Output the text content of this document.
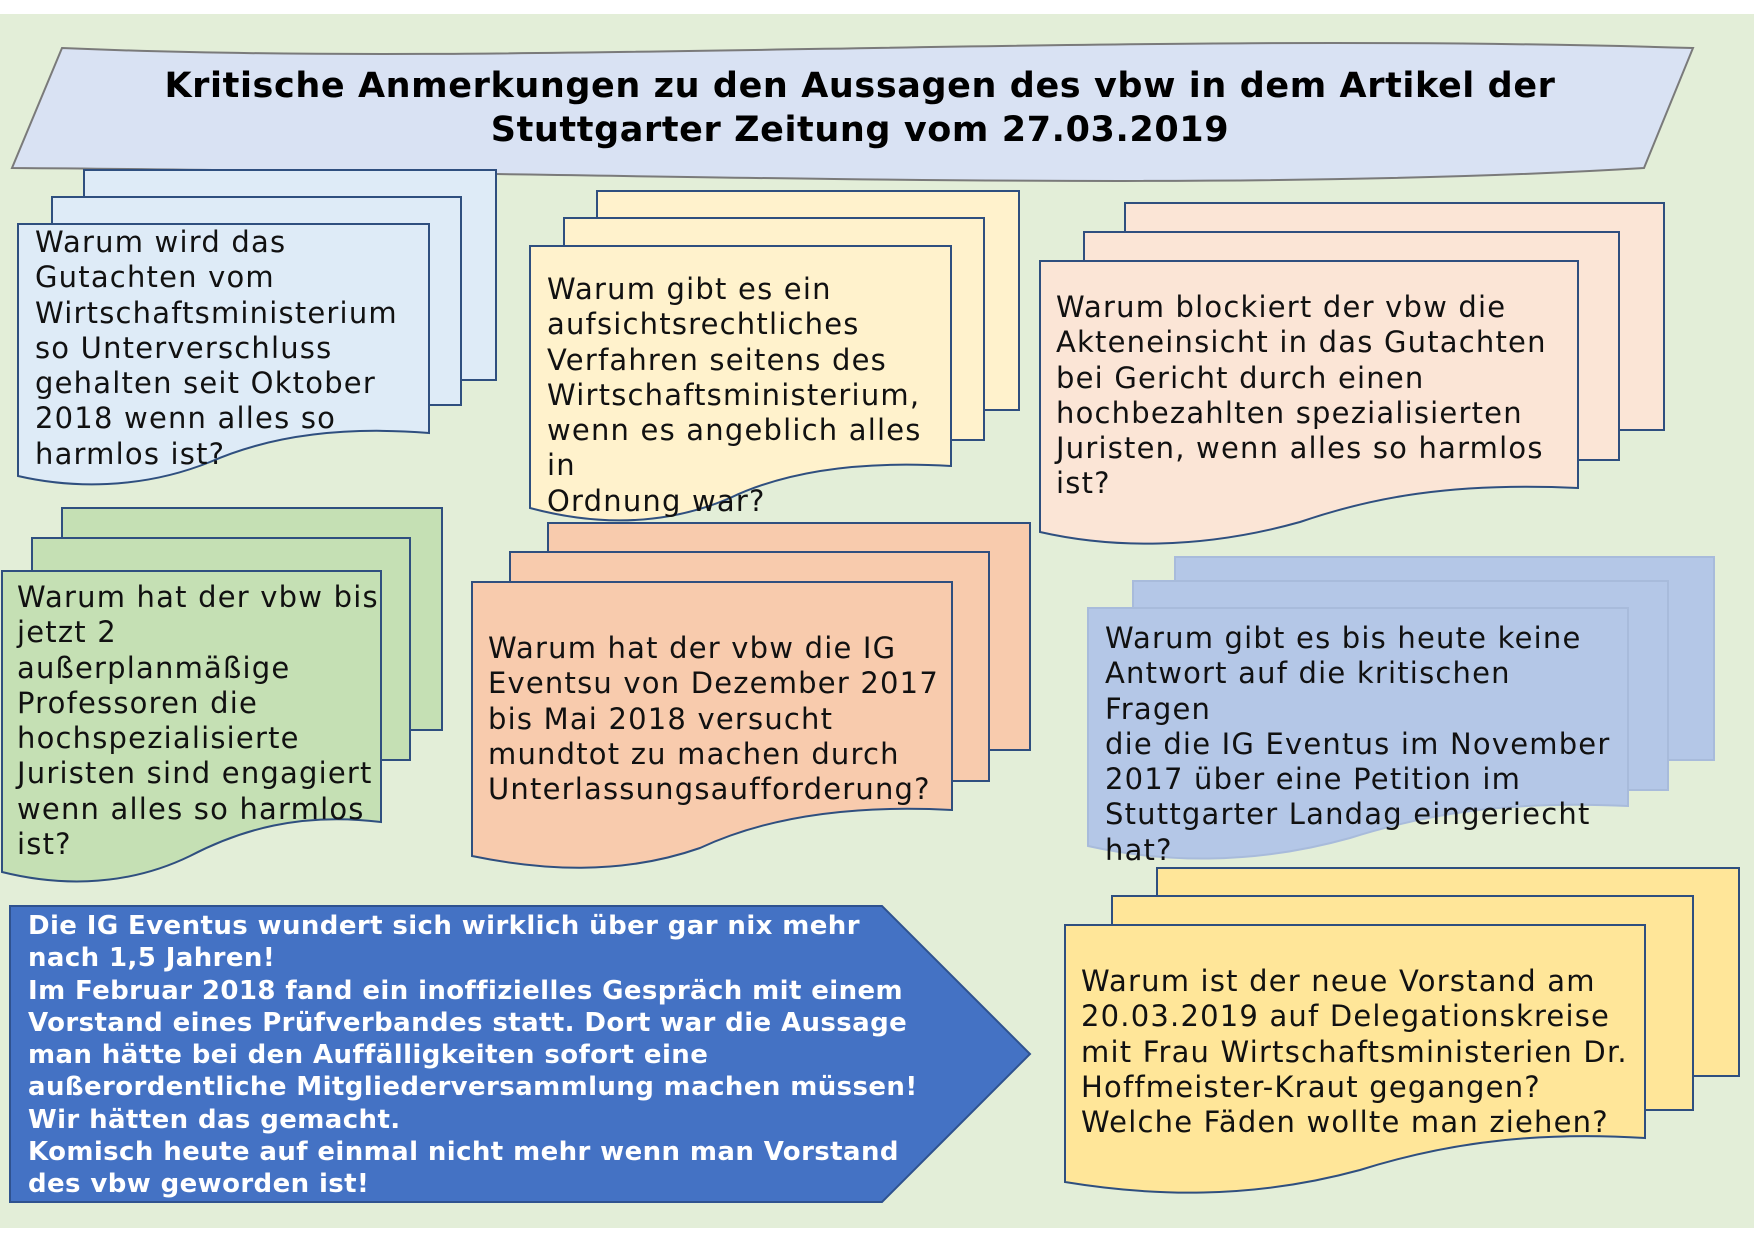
Kritische Anmerkungen zu den Aussagen des vbw in dem Artikel der
Stuttgarter Zeitung vom 27.03.2019

Warum wird das
Gutachten vom
Wirtschaftsministerium
so Unterverschluss
gehalten seit Oktober
2018 wenn alles so
harmlos ist?

Warum gibt es ein
aufsichtsrechtliches
Verfahren seitens des
Wirtschaftsministerium,
wenn es angeblich alles in
Ordnung war?

Warum blockiert der vbw die
Akteneinsicht in das Gutachten
bei Gericht durch einen
hochbezahlten spezialisierten
Juristen, wenn alles so harmlos
ist?

Warum hat der vbw bis
jetzt 2
außerplanmäßige
Professoren die
hochspezialisierte
Juristen sind engagiert
wenn alles so harmlos
ist?

Warum hat der vbw die IG
Eventsu von Dezember 2017
bis Mai 2018 versucht
mundtot zu machen durch
Unterlassungsaufforderung?

Warum gibt es bis heute keine
Antwort auf die kritischen Fragen
die die IG Eventus im November
2017 über eine Petition im
Stuttgarter Landag eingeriecht
hat?

Warum ist der neue Vorstand am
20.03.2019 auf Delegationskreise
mit Frau Wirtschaftsministerien Dr.
Hoffmeister-Kraut gegangen?
Welche Fäden wollte man ziehen?

Die IG Eventus wundert sich wirklich über gar nix mehr
nach 1,5 Jahren!
Im Februar 2018 fand ein inoffizielles Gespräch mit einem
Vorstand eines Prüfverbandes statt. Dort war die Aussage
man hätte bei den Auffälligkeiten sofort eine
außerordentliche Mitgliederversammlung machen müssen!
Wir hätten das gemacht.
Komisch heute auf einmal nicht mehr wenn man Vorstand
des vbw geworden ist!
